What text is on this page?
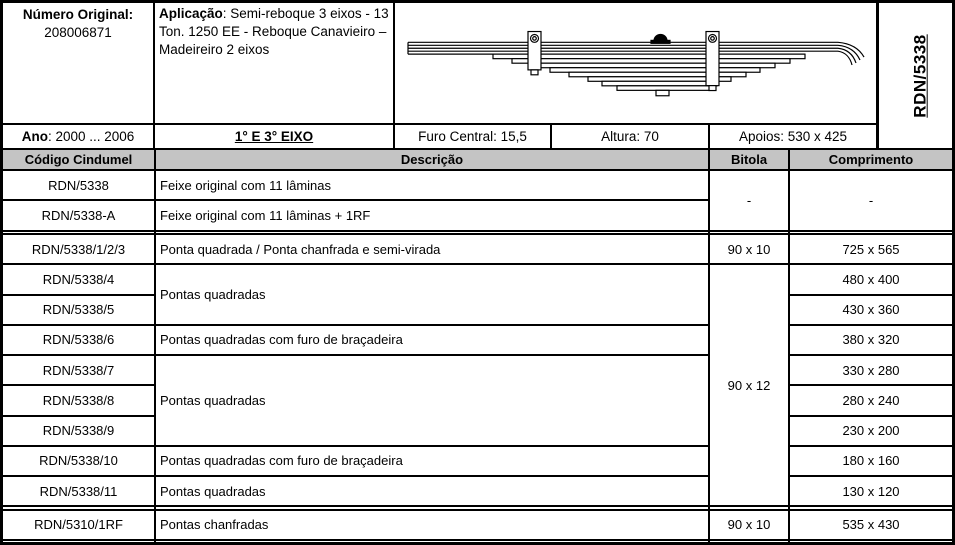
Número Original:
208006871
Aplicação: Semi-reboque 3 eixos - 13 Ton. 1250 EE - Reboque Canavieiro – Madeireiro 2 eixos	RDN/5338
Ano: 2000 ... 2006	1° E 3° EIXO	Furo Central: 15,5	Altura: 70	Apoios: 530 x 425
Código Cindumel	Descrição	Bitola	Comprimento
RDN/5338	Feixe original com 11 lâminas	-	-
RDN/5338-A	Feixe original com 11 lâminas + 1RF		

RDN/5338/1/2/3	Ponta quadrada / Ponta chanfrada e semi-virada	90 x 10	725 x 565
RDN/5338/4	Pontas quadradas	90 x 12	480 x 400
RDN/5338/5			430 x 360
RDN/5338/6	Pontas quadradas com furo de braçadeira		380 x 320
RDN/5338/7	Pontas quadradas		330 x 280
RDN/5338/8			280 x 240
RDN/5338/9			230 x 200
RDN/5338/10	Pontas quadradas com furo de braçadeira		180 x 160
RDN/5338/11	Pontas quadradas		130 x 120

RDN/5310/1RF	Pontas chanfradas	90 x 10	535 x 430
